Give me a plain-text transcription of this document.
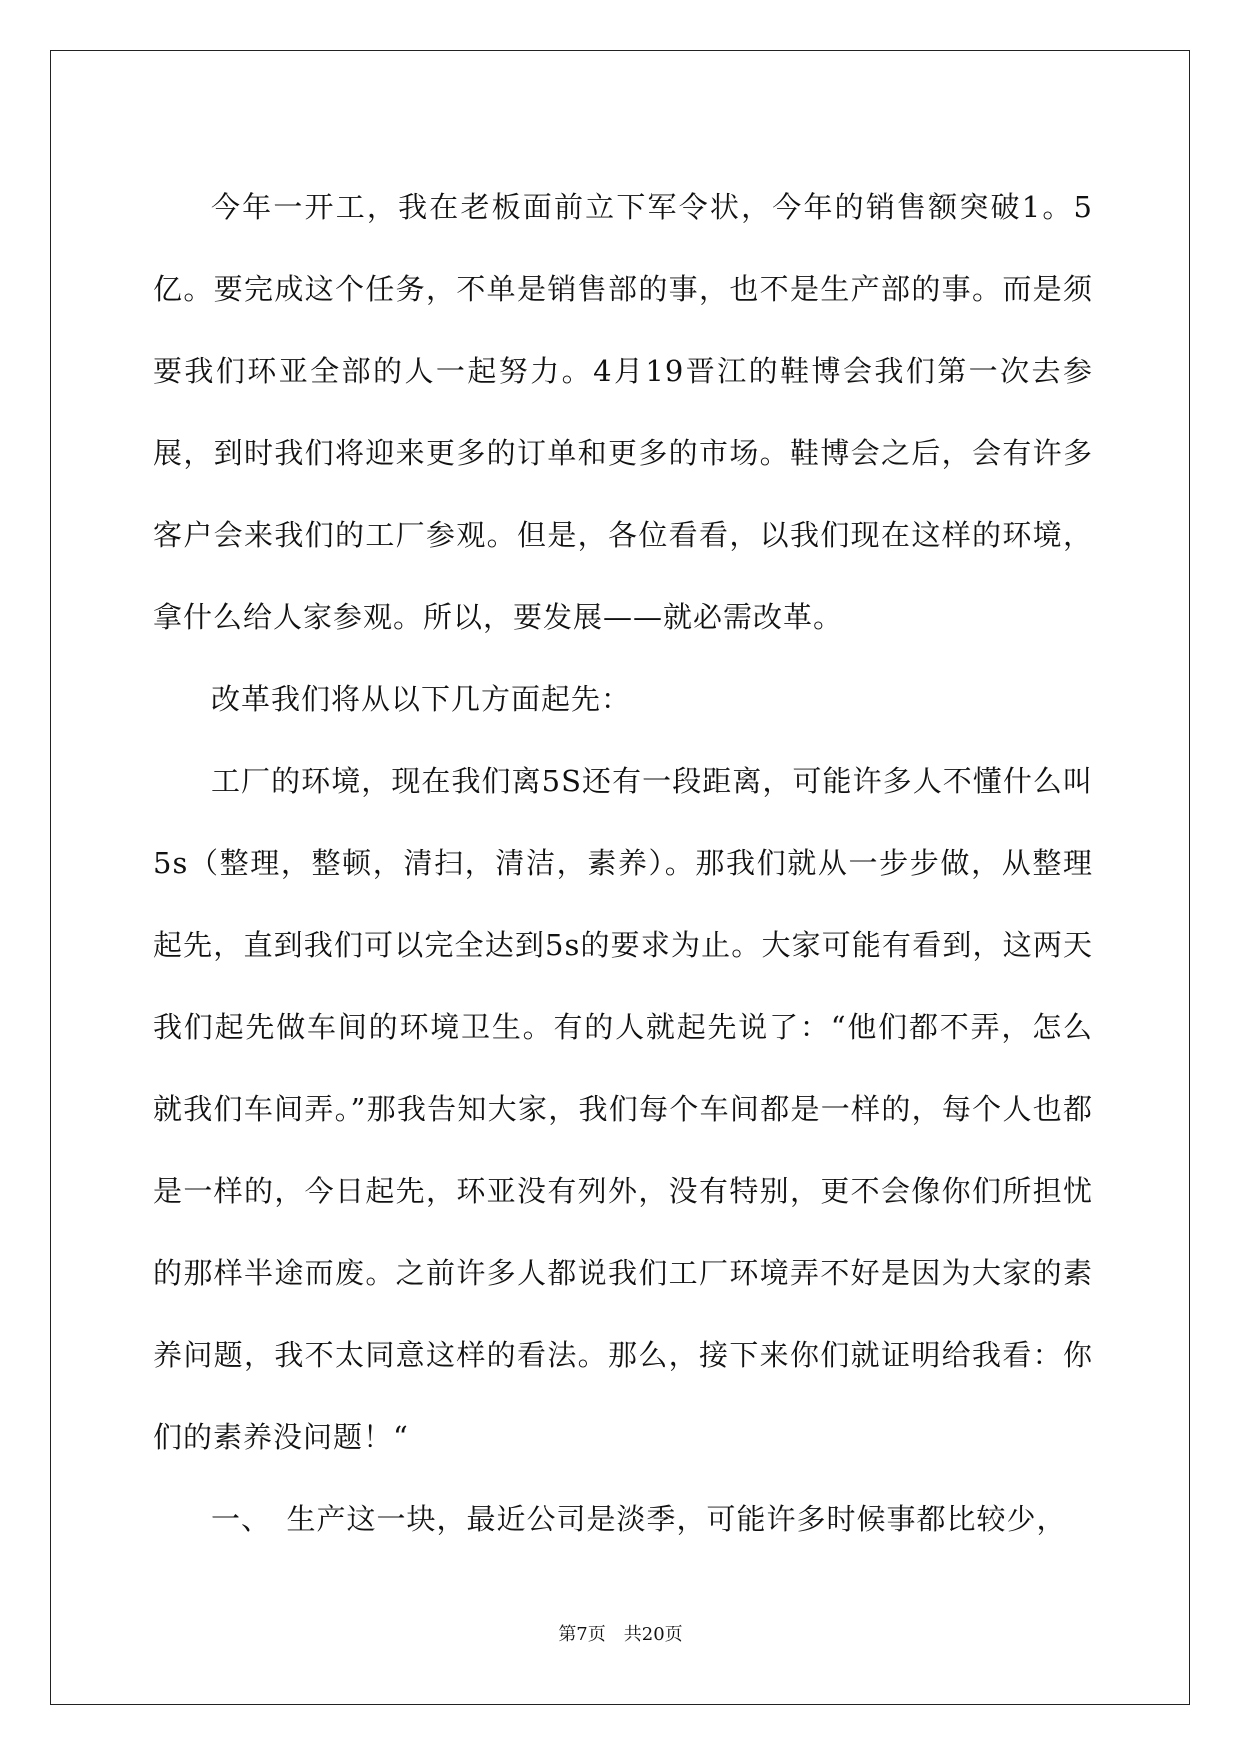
今年一开工，我在老板面前立下军令状，今年的销售额突破1。5亿。要完成这个任务，不单是销售部的事，也不是生产部的事。而是须要我们环亚全部的人一起努力。4月19晋江的鞋博会我们第一次去参展，到时我们将迎来更多的订单和更多的市场。鞋博会之后，会有许多客户会来我们的工厂参观。但是，各位看看，以我们现在这样的环境，拿什么给人家参观。所以，要发展——就必需改革。

改革我们将从以下几方面起先：

工厂的环境，现在我们离5S还有一段距离，可能许多人不懂什么叫5s（整理，整顿，清扫，清洁，素养）。那我们就从一步步做，从整理起先，直到我们可以完全达到5s的要求为止。大家可能有看到，这两天我们起先做车间的环境卫生。有的人就起先说了：“他们都不弄，怎么就我们车间弄。”那我告知大家，我们每个车间都是一样的，每个人也都是一样的，今日起先，环亚没有列外，没有特别，更不会像你们所担忧的那样半途而废。之前许多人都说我们工厂环境弄不好是因为大家的素养问题，我不太同意这样的看法。那么，接下来你们就证明给我看：你们的素养没问题！“

一、　生产这一块，最近公司是淡季，可能许多时候事都比较少，

第7页 共20页
